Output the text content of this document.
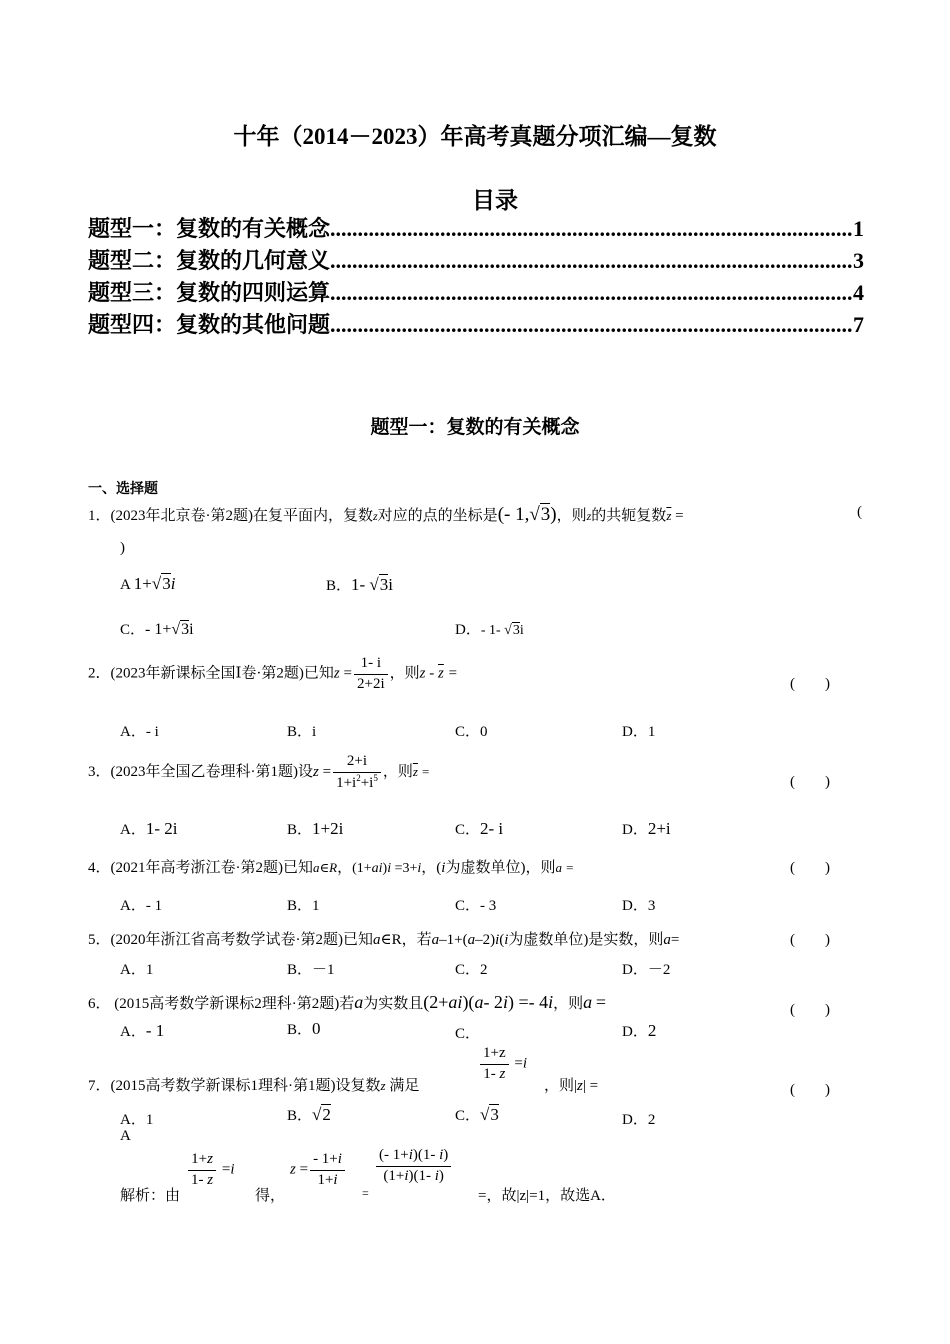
十年（2014－2023）年高考真题分项汇编—复数
目录
题型一：复数的有关概念 .....	1
题型二：复数的几何意义 .....	3
题型三：复数的四则运算 .....	4
题型四：复数的其他问题 .....	7
题型一：复数的有关概念
一、选择题
1．(2023年北京卷·第2题)在复平面内，复数z对应的点的坐标是(- 1,√3)，则z的共轭复数$\overline{z}$ =	(
)
A 1+√3i	B．1- √3i
C．- 1+√3i	D．- 1- √3i
2．(2023年新课标全国Ⅰ卷·第2题)已知$z = \frac{1- i}{2+2i}$ ，则z - $\overline{z}$ =
(　　)
A．- i	B．i	C．0	D．1
3．(2023年全国乙卷理科·第1题)设$z = \frac{2+i}{1+i^2+i^5}$ ，则$\overline{z}$ =
(　　)
A．1- 2i	B．1+2i	C．2- i	D．2+i
4．(2021年高考浙江卷·第2题)已知a∈R，(1+ai)i =3+i，(i为虚数单位)，则a =	(　　)
A．- 1	B．1	C．- 3	D．3
5．(2020年浙江省高考数学试卷·第2题)已知a∈R，若a–1+(a–2)i(i为虚数单位)是实数，则a=	(　　)
A．1	B．－1	C．2	D．－2
6． (2015高考数学新课标2理科·第2题)若a为实数且(2+ai)(a- 2i) =- 4i，则a =	(　　)
A．- 1	B．0	C．	D．2
7．(2015高考数学新课标1理科·第1题)设复数z 满足
$\frac{1+z}{1- z} =i$
，则|z| =	(　　)
A．1	B．√2	C．√3	D．2
A
解析：由
$\frac{1+z}{1- z} =i$
得，
$z = \frac{- 1+i}{1+i}$
=
$\frac{(- 1+i)(1- i)}{(1+i)(1- i)}$
=，故|z|=1，故选A．
